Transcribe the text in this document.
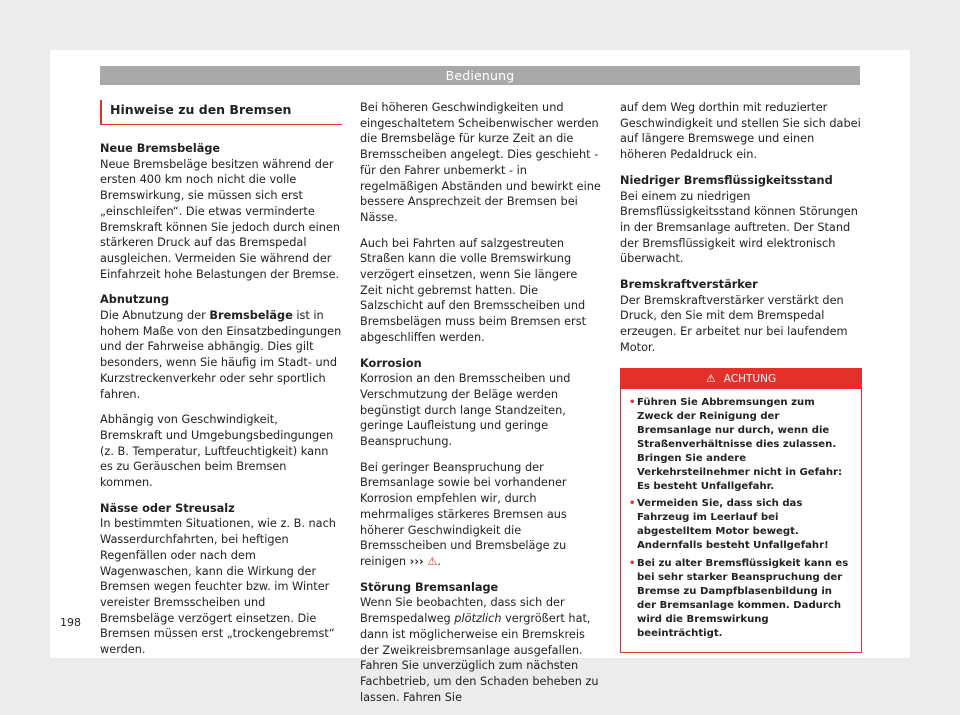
Bedienung
Hinweise zu den Bremsen
Neue Bremsbeläge

Neue Bremsbeläge besitzen während der ersten 400 km noch nicht die volle Bremswirkung, sie müssen sich erst „einschleifen“. Die etwas verminderte Bremskraft können Sie jedoch durch einen stärkeren Druck auf das Bremspedal ausgleichen. Vermeiden Sie während der Einfahrzeit hohe Belastungen der Bremse.

Abnutzung

Die Abnutzung der Bremsbeläge ist in hohem Maße von den Einsatzbedingungen und der Fahrweise abhängig. Dies gilt besonders, wenn Sie häufig im Stadt- und Kurzstreckenverkehr oder sehr sportlich fahren.

Abhängig von Geschwindigkeit, Bremskraft und Umgebungsbedingungen (z. B. Temperatur, Luftfeuchtigkeit) kann es zu Geräuschen beim Bremsen kommen.

Nässe oder Streusalz

In bestimmten Situationen, wie z. B. nach Wasserdurchfahrten, bei heftigen Regenfällen oder nach dem Wagenwaschen, kann die Wirkung der Bremsen wegen feuchter bzw. im Winter vereister Bremsscheiben und Bremsbeläge verzögert einsetzen. Die Bremsen müssen erst „trockengebremst“ werden.

Bei höheren Geschwindigkeiten und eingeschaltetem Scheibenwischer werden die Bremsbeläge für kurze Zeit an die Bremsscheiben angelegt. Dies geschieht - für den Fahrer unbemerkt - in regelmäßigen Abständen und bewirkt eine bessere Ansprechzeit der Bremsen bei Nässe.

Auch bei Fahrten auf salzgestreuten Straßen kann die volle Bremswirkung verzögert einsetzen, wenn Sie längere Zeit nicht gebremst hatten. Die Salzschicht auf den Bremsscheiben und Bremsbelägen muss beim Bremsen erst abgeschliffen werden.

Korrosion

Korrosion an den Bremsscheiben und Verschmutzung der Beläge werden begünstigt durch lange Standzeiten, geringe Laufleistung und geringe Beanspruchung.

Bei geringer Beanspruchung der Bremsanlage sowie bei vorhandener Korrosion empfehlen wir, durch mehrmaliges stärkeres Bremsen aus höherer Geschwindigkeit die Bremsscheiben und Bremsbeläge zu reinigen ››› ⚠.

Störung Bremsanlage

Wenn Sie beobachten, dass sich der Bremspedalweg plötzlich vergrößert hat, dann ist möglicherweise ein Bremskreis der Zweikreisbremsanlage ausgefallen. Fahren Sie unverzüglich zum nächsten Fachbetrieb, um den Schaden beheben zu lassen. Fahren Sie

auf dem Weg dorthin mit reduzierter Geschwindigkeit und stellen Sie sich dabei auf längere Bremswege und einen höheren Pedaldruck ein.

Niedriger Bremsflüssigkeitsstand

Bei einem zu niedrigen Bremsflüssigkeitsstand können Störungen in der Bremsanlage auftreten. Der Stand der Bremsflüssigkeit wird elektronisch überwacht.

Bremskraftverstärker

Der Bremskraftverstärker verstärkt den Druck, den Sie mit dem Bremspedal erzeugen. Er arbeitet nur bei laufendem Motor.

⚠ ACHTUNG
• Führen Sie Abbremsungen zum Zweck der Reinigung der Bremsanlage nur durch, wenn die Straßenverhältnisse dies zulassen. Bringen Sie andere Verkehrsteilnehmer nicht in Gefahr: Es besteht Unfallgefahr.
• Vermeiden Sie, dass sich das Fahrzeug im Leerlauf bei abgestelltem Motor bewegt. Andernfalls besteht Unfallgefahr!
• Bei zu alter Bremsflüssigkeit kann es bei sehr starker Beanspruchung der Bremse zu Dampfblasenbildung in der Bremsanlage kommen. Dadurch wird die Bremswirkung beeinträchtigt.
198
